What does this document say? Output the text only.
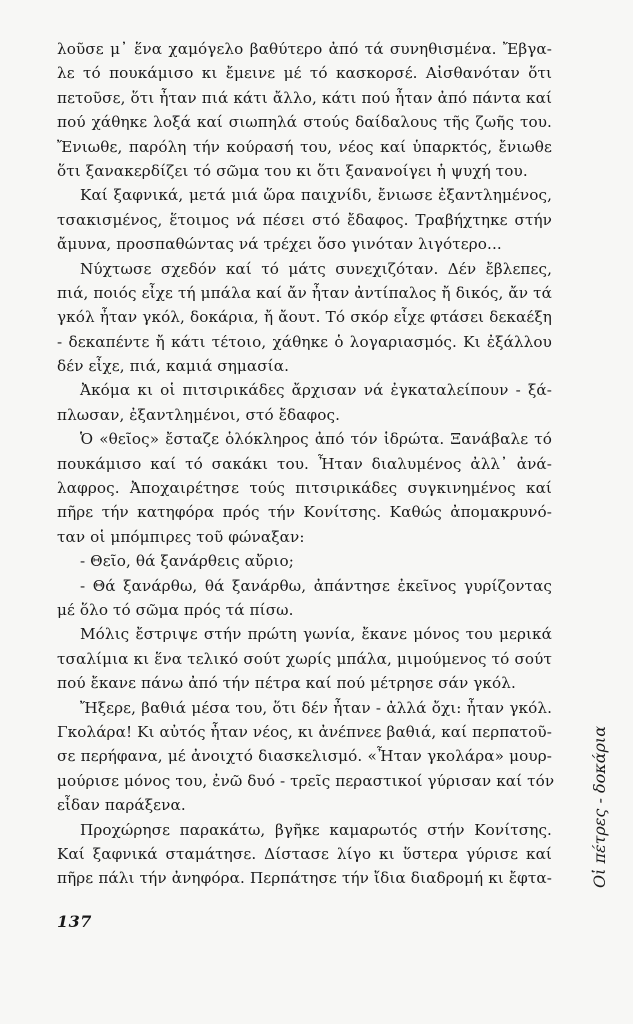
λοῦσε μ᾽ ἕνα χαμόγελο βαθύτερο ἀπό τά συνηθισμένα. Ἔβγα-
λε τό πουκάμισο κι ἔμεινε μέ τό κασκορσέ. Αἰσθανόταν ὅτι
πετοῦσε, ὅτι ἦταν πιά κάτι ἄλλο, κάτι πού ἦταν ἀπό πάντα καί
πού χάθηκε λοξά καί σιωπηλά στούς δαίδαλους τῆς ζωῆς του.
Ἔνιωθε, παρόλη τήν κούρασή του, νέος καί ὑπαρκτός, ἔνιωθε
ὅτι ξανακερδίζει τό σῶμα του κι ὅτι ξανανοίγει ἡ ψυχή του.
Καί ξαφνικά, μετά μιά ὥρα παιχνίδι, ἔνιωσε ἐξαντλημένος,
τσακισμένος, ἕτοιμος νά πέσει στό ἔδαφος. Τραβήχτηκε στήν
ἄμυνα, προσπαθώντας νά τρέχει ὅσο γινόταν λιγότερο...
Νύχτωσε σχεδόν καί τό μάτς συνεχιζόταν. Δέν ἔβλεπες,
πιά, ποιός εἶχε τή μπάλα καί ἄν ἦταν ἀντίπαλος ἤ δικός, ἄν τά
γκόλ ἦταν γκόλ, δοκάρια, ἤ ἄουτ. Τό σκόρ εἶχε φτάσει δεκαέξη
- δεκαπέντε ἤ κάτι τέτοιο, χάθηκε ὁ λογαριασμός. Κι ἐξάλλου
δέν εἶχε, πιά, καμιά σημασία.
Ἀκόμα κι οἱ πιτσιρικάδες ἄρχισαν νά ἐγκαταλείπουν - ξά-
πλωσαν, ἐξαντλημένοι, στό ἔδαφος.
Ὁ «θεῖος» ἔσταζε ὁλόκληρος ἀπό τόν ἱδρώτα. Ξανάβαλε τό
πουκάμισο καί τό σακάκι του. Ἦταν διαλυμένος ἀλλ᾽ ἀνά-
λαφρος. Ἀποχαιρέτησε τούς πιτσιρικάδες συγκινημένος καί
πῆρε τήν κατηφόρα πρός τήν Κονίτσης. Καθώς ἀπομακρυνό-
ταν οἱ μπόμπιρες τοῦ φώναξαν:
- Θεῖο, θά ξανάρθεις αὔριο;
- Θά ξανάρθω, θά ξανάρθω, ἀπάντησε ἐκεῖνος γυρίζοντας
μέ ὅλο τό σῶμα πρός τά πίσω.
Μόλις ἔστριψε στήν πρώτη γωνία, ἔκανε μόνος του μερικά
τσαλίμια κι ἕνα τελικό σούτ χωρίς μπάλα, μιμούμενος τό σούτ
πού ἔκανε πάνω ἀπό τήν πέτρα καί πού μέτρησε σάν γκόλ.
Ἤξερε, βαθιά μέσα του, ὅτι δέν ἦταν - ἀλλά ὄχι: ἦταν γκόλ.
Γκολάρα! Κι αὐτός ἦταν νέος, κι ἀνέπνεε βαθιά, καί περπατοῦ-
σε περήφανα, μέ ἀνοιχτό διασκελισμό. «Ἦταν γκολάρα» μουρ-
μούρισε μόνος του, ἐνῶ δυό - τρεῖς περαστικοί γύρισαν καί τόν
εἶδαν παράξενα.
Προχώρησε παρακάτω, βγῆκε καμαρωτός στήν Κονίτσης.
Καί ξαφνικά σταμάτησε. Δίστασε λίγο κι ὕστερα γύρισε καί
πῆρε πάλι τήν ἀνηφόρα. Περπάτησε τήν ἴδια διαδρομή κι ἔφτα-
137
Οἱ πέτρες - δοκάρια
